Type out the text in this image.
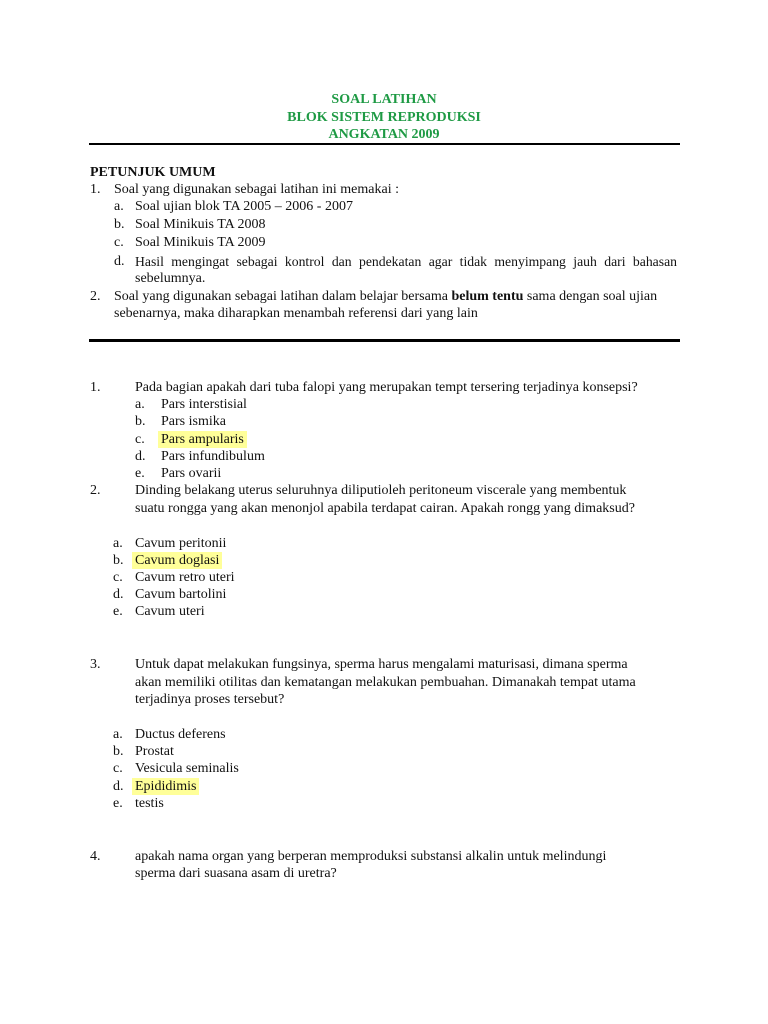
SOAL LATIHAN
BLOK SISTEM REPRODUKSI
ANGKATAN 2009
PETUNJUK UMUM
1. Soal yang digunakan sebagai latihan ini memakai :
a. Soal ujian blok TA 2005 – 2006 - 2007
b. Soal Minikuis TA 2008
c. Soal Minikuis TA 2009
d. Hasil mengingat sebagai kontrol dan pendekatan agar tidak menyimpang jauh dari bahasan
sebelumnya.
2. Soal yang digunakan sebagai latihan dalam belajar bersama belum tentu sama dengan soal ujian
sebenarnya, maka diharapkan menambah referensi dari yang lain
1. Pada bagian apakah dari tuba falopi yang merupakan tempt tersering terjadinya konsepsi?
a. Pars interstisial
b. Pars ismika
c. Pars ampularis
d. Pars infundibulum
e. Pars ovarii
2. Dinding belakang uterus seluruhnya diliputioleh peritoneum viscerale yang membentuk
suatu rongga yang akan menonjol apabila terdapat cairan. Apakah rongg yang dimaksud?
a. Cavum peritonii
b. Cavum doglasi
c. Cavum retro uteri
d. Cavum bartolini
e. Cavum uteri
3. Untuk dapat melakukan fungsinya, sperma harus mengalami maturisasi, dimana sperma
akan memiliki otilitas dan kematangan melakukan pembuahan. Dimanakah tempat utama
terjadinya proses tersebut?
a. Ductus deferens
b. Prostat
c. Vesicula seminalis
d. Epididimis
e. testis
4. apakah nama organ yang berperan memproduksi substansi alkalin untuk melindungi
sperma dari suasana asam di uretra?
